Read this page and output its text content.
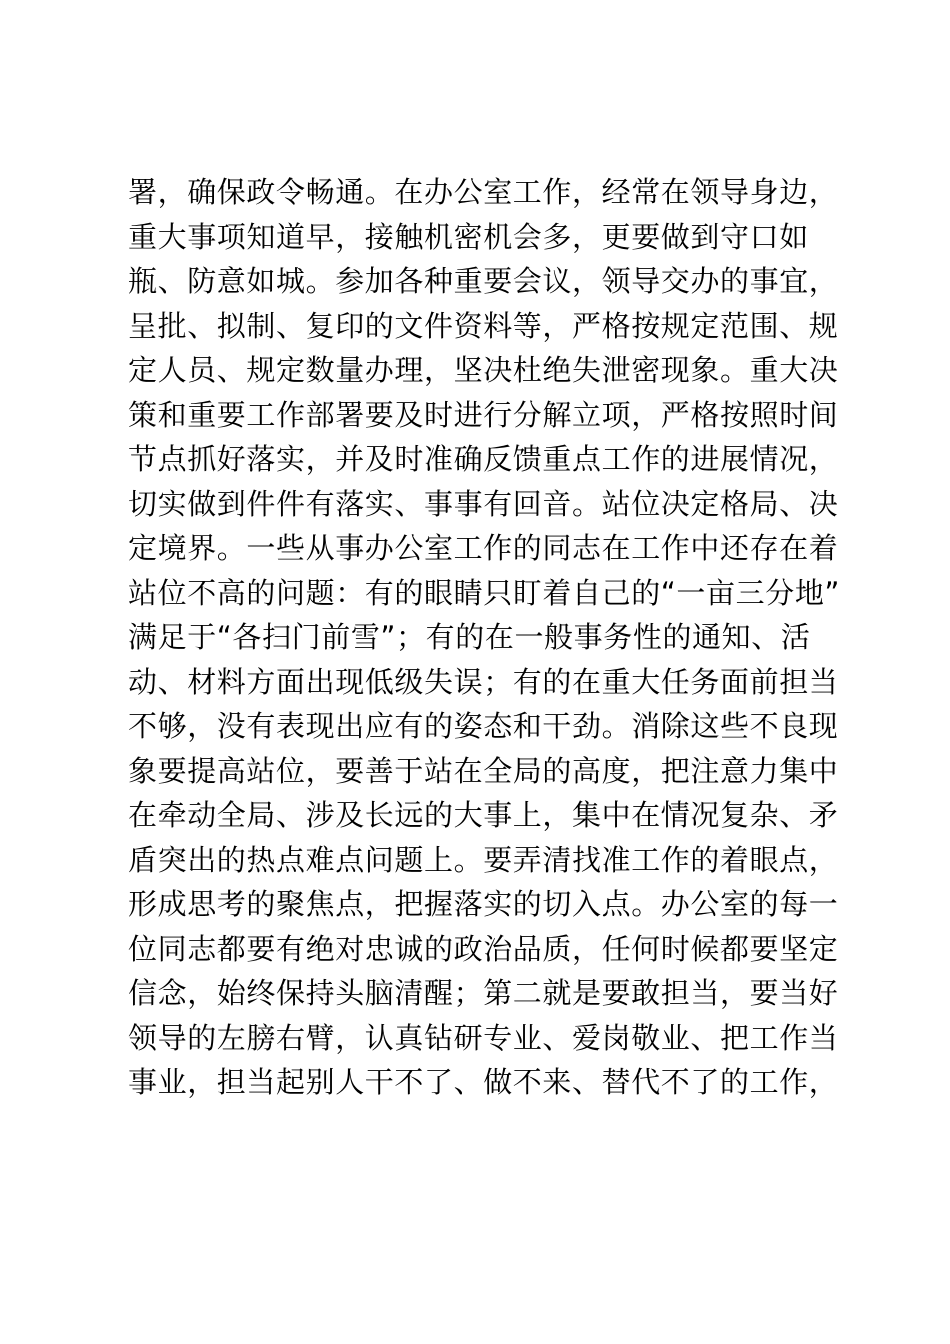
署，确保政令畅通。在办公室工作，经常在领导身边，
重大事项知道早，接触机密机会多，更要做到守口如
瓶、防意如城。参加各种重要会议，领导交办的事宜，
呈批、拟制、复印的文件资料等，严格按规定范围、规
定人员、规定数量办理，坚决杜绝失泄密现象。重大决
策和重要工作部署要及时进行分解立项，严格按照时间
节点抓好落实，并及时准确反馈重点工作的进展情况，
切实做到件件有落实、事事有回音。站位决定格局、决
定境界。一些从事办公室工作的同志在工作中还存在着
站位不高的问题：有的眼睛只盯着自己的“一亩三分地”
满足于“各扫门前雪”；有的在一般事务性的通知、活
动、材料方面出现低级失误；有的在重大任务面前担当
不够，没有表现出应有的姿态和干劲。消除这些不良现
象要提高站位，要善于站在全局的高度，把注意力集中
在牵动全局、涉及长远的大事上，集中在情况复杂、矛
盾突出的热点难点问题上。要弄清找准工作的着眼点，
形成思考的聚焦点，把握落实的切入点。办公室的每一
位同志都要有绝对忠诚的政治品质，任何时候都要坚定
信念，始终保持头脑清醒；第二就是要敢担当，要当好
领导的左膀右臂，认真钻研专业、爱岗敬业、把工作当
事业，担当起别人干不了、做不来、替代不了的工作，
